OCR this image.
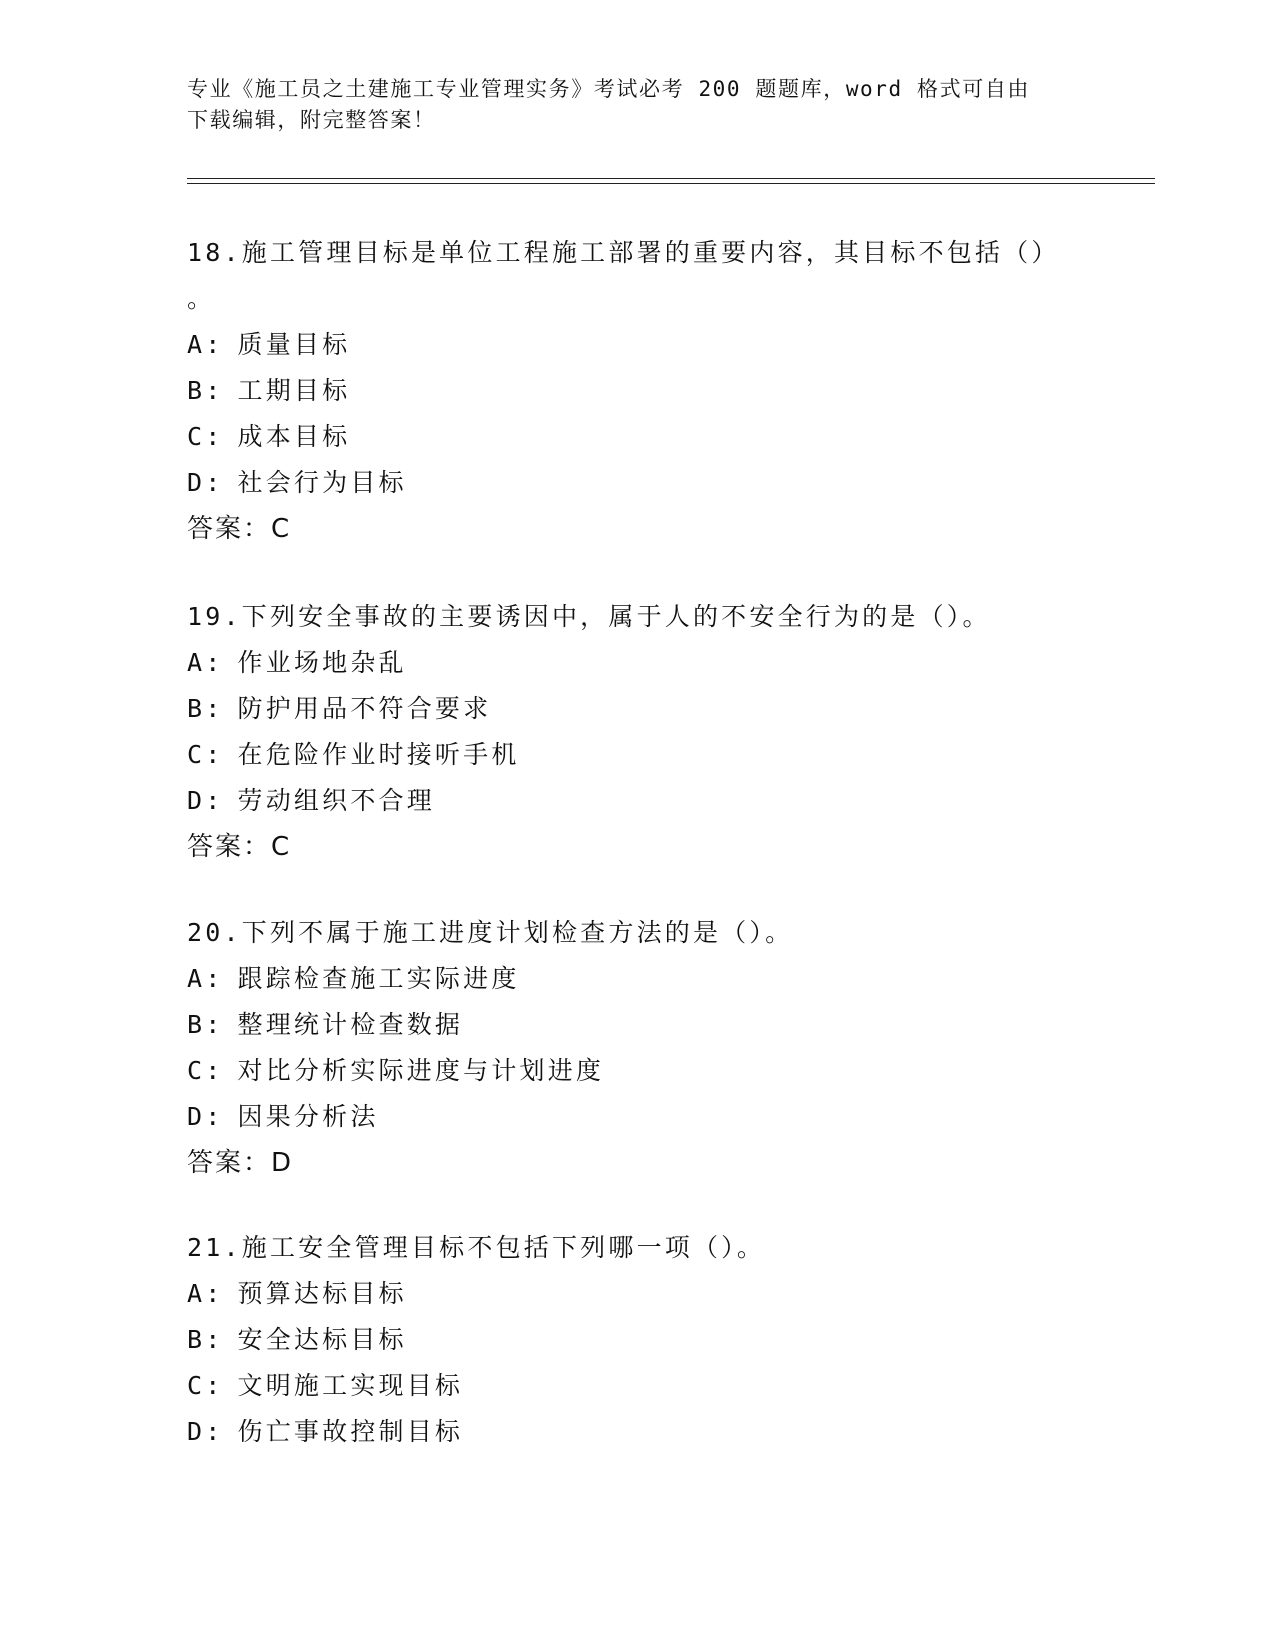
专业《施工员之土建施工专业管理实务》考试必考 200 题题库，word 格式可自由
下载编辑，附完整答案！

18.施工管理目标是单位工程施工部署的重要内容，其目标不包括（）

。

A: 质量目标
B: 工期目标
C: 成本目标
D: 社会行为目标
答案：C

19.下列安全事故的主要诱因中，属于人的不安全行为的是（）。

A: 作业场地杂乱
B: 防护用品不符合要求
C: 在危险作业时接听手机
D: 劳动组织不合理
答案：C

20.下列不属于施工进度计划检查方法的是（）。

A: 跟踪检查施工实际进度
B: 整理统计检查数据
C: 对比分析实际进度与计划进度
D: 因果分析法
答案：D

21.施工安全管理目标不包括下列哪一项（）。

A: 预算达标目标
B: 安全达标目标
C: 文明施工实现目标
D: 伤亡事故控制目标
